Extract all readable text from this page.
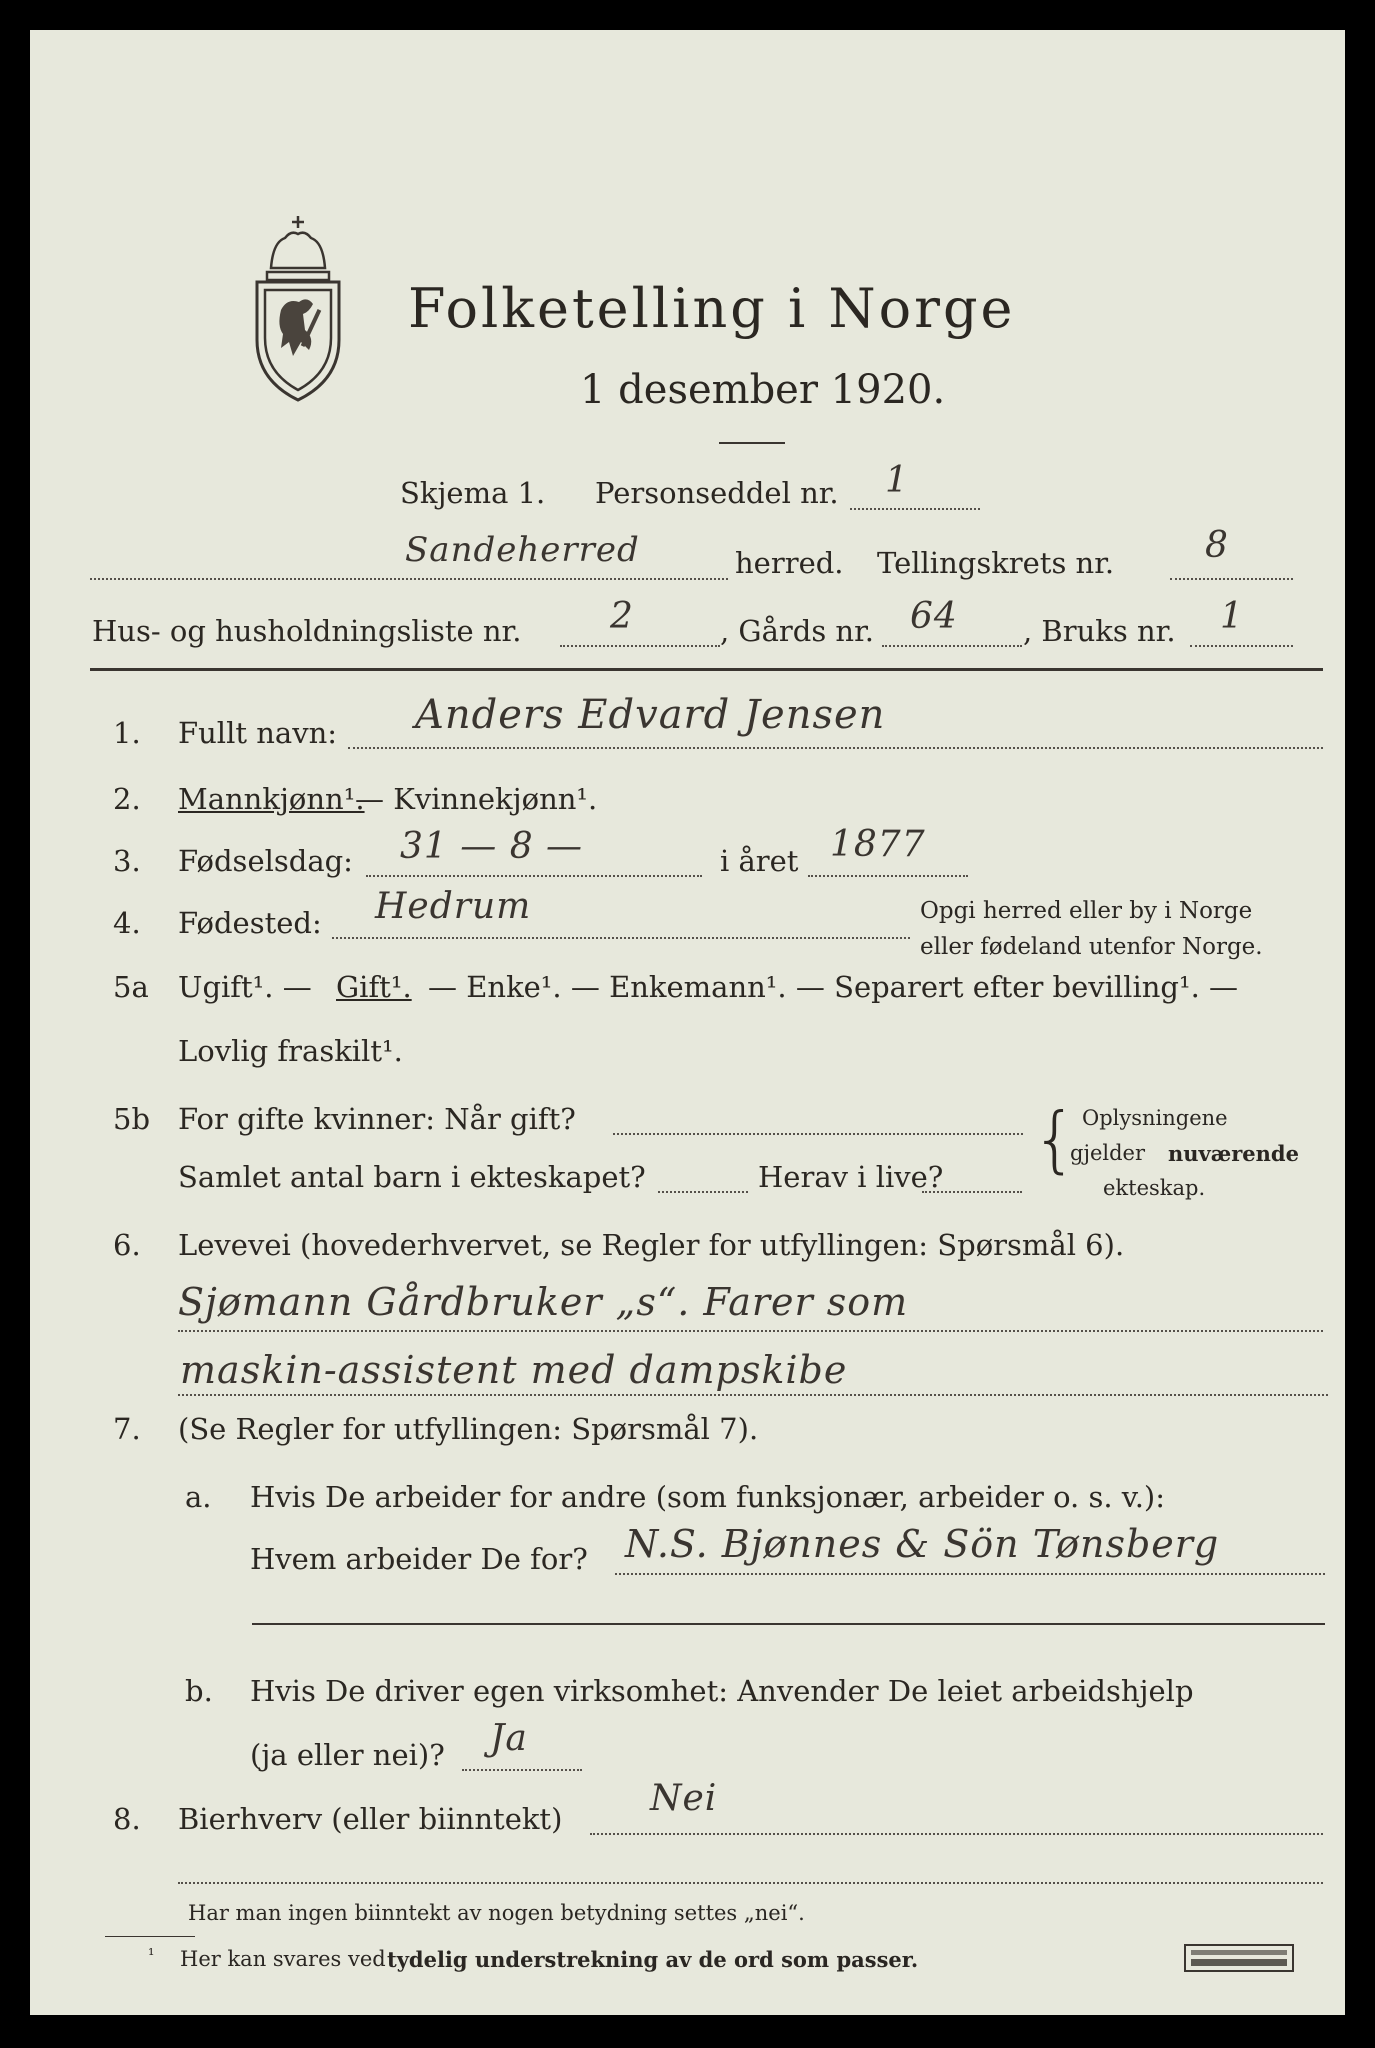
Folketelling i Norge
1 desember 1920.
Skjema 1. Personseddel nr. 1
Sandeherred	herred. Tellingskrets nr.	8
Hus- og husholdningsliste nr. 2	, Gårds nr. 64 , Bruks nr. 1
1. Fullt navn: Anders Edvard Jensen
2. Mannkjønn¹.
— Kvinnekjønn¹.
3. Fødselsdag: 31 — 8 —	i året 1877
4. Fødested: Hedrum	Opgi herred eller by i Norge
eller fødeland utenfor Norge.
5a Ugift¹. — Gift¹. — Enke¹. — Enkemann¹. — Separert efter bevilling¹. —
Lovlig fraskilt¹.
5b For gifte kvinner: Når gift?
Samlet antal barn i ekteskapet?	Herav i live? { Oplysningene
gjelder nuværende
ekteskap.
6. Levevei (hovederhvervet, se Regler for utfyllingen: Spørsmål 6).
Sjømann Gårdbruker „s“. Farer som
maskin-assistent med dampskibe
7. (Se Regler for utfyllingen: Spørsmål 7).
a. Hvis De arbeider for andre (som funksjonær, arbeider o. s. v.):
Hvem arbeider De for? N.S. Bjønnes & Sön Tønsberg
b. Hvis De driver egen virksomhet: Anvender De leiet arbeidshjelp
(ja eller nei)? Ja
8. Bierhverv (eller biinntekt) Nei
Har man ingen biinntekt av nogen betydning settes „nei“.
¹ Her kan svares ved tydelig understrekning av de ord som passer.
